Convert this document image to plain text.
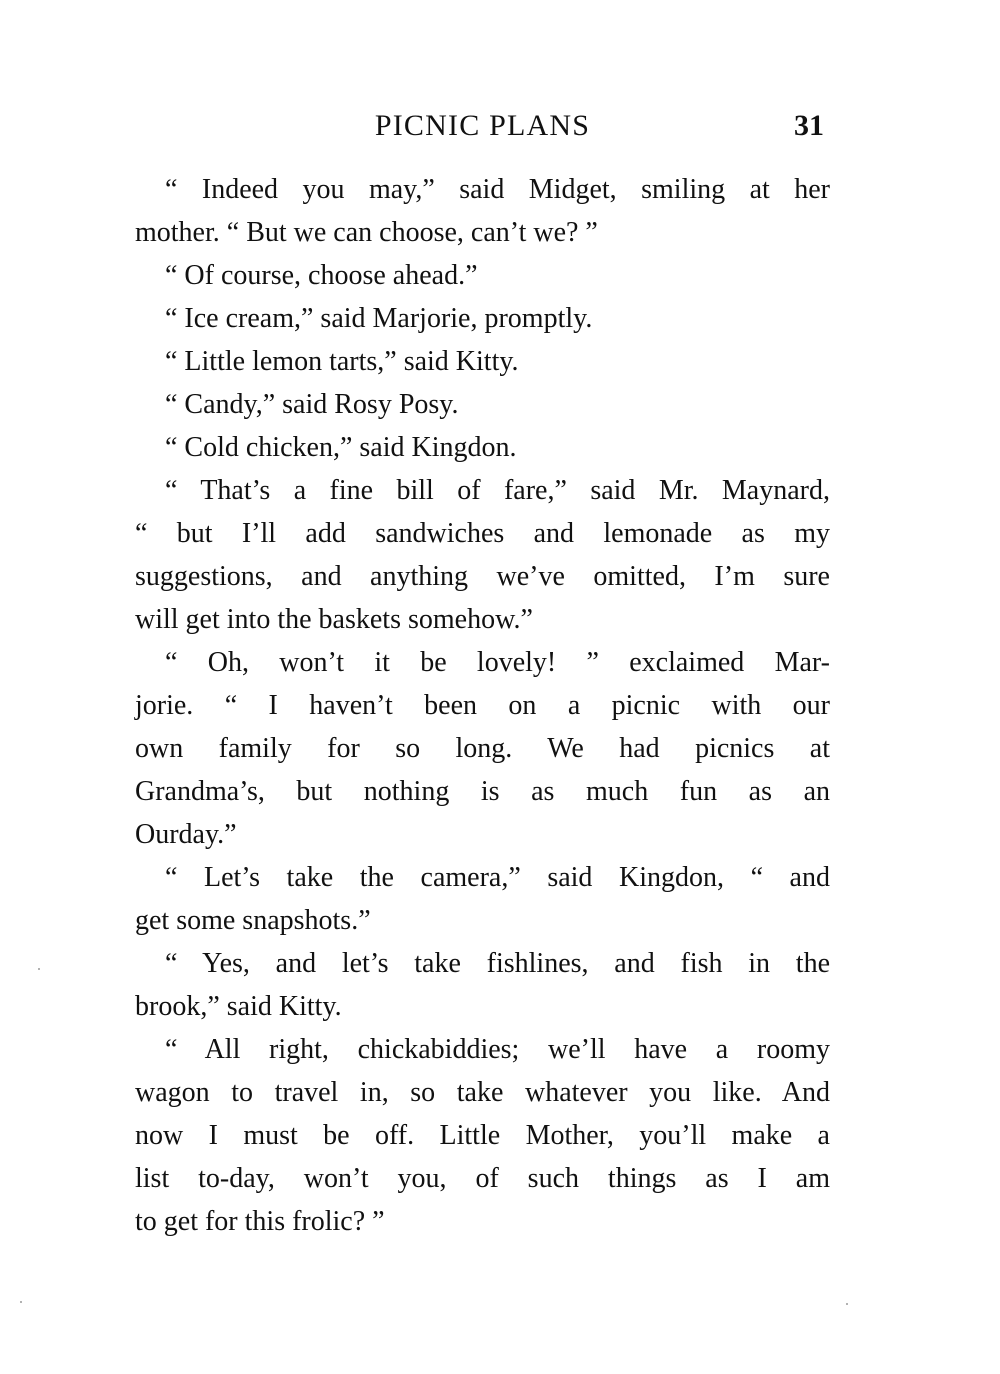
PICNIC PLANS	31
“ Indeed you may,” said Midget, smiling at her
mother. “ But we can choose, can’t we? ”
“ Of course, choose ahead.”
“ Ice cream,” said Marjorie, promptly.
“ Little lemon tarts,” said Kitty.
“ Candy,” said Rosy Posy.
“ Cold chicken,” said Kingdon.
“ That’s a fine bill of fare,” said Mr. Maynard,
“ but I’ll add sandwiches and lemonade as my
suggestions, and anything we’ve omitted, I’m sure
will get into the baskets somehow.”
“ Oh, won’t it be lovely! ” exclaimed Mar-
jorie. “ I haven’t been on a picnic with our
own family for so long. We had picnics at
Grandma’s, but nothing is as much fun as an
Ourday.”
“ Let’s take the camera,” said Kingdon, “ and
get some snapshots.”
“ Yes, and let’s take fishlines, and fish in the
brook,” said Kitty.
“ All right, chickabiddies; we’ll have a roomy
wagon to travel in, so take whatever you like. And
now I must be off. Little Mother, you’ll make a
list to-day, won’t you, of such things as I am
to get for this frolic? ”
